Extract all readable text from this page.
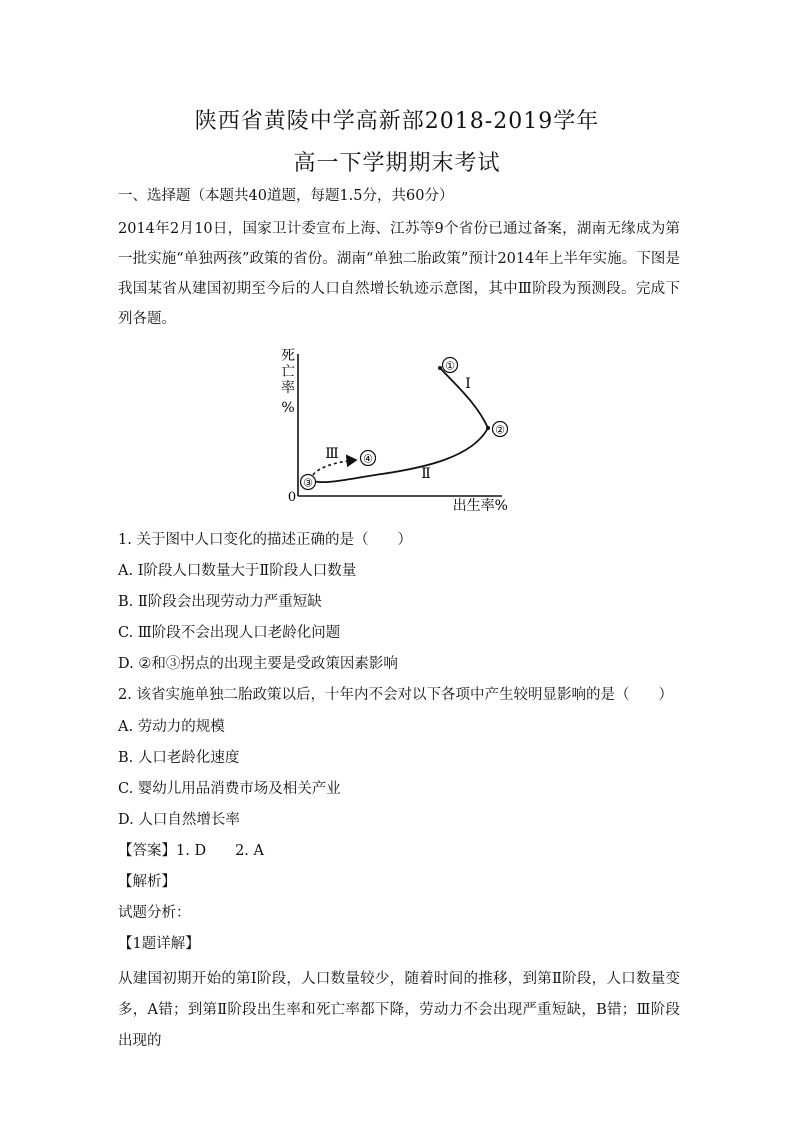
陕西省黄陵中学高新部2018-2019学年
高一下学期期末考试
一、选择题（本题共40道题，每题1.5分，共60分）

2014年2月10日，国家卫计委宣布上海、江苏等9个省份已通过备案，湖南无缘成为第一批实施“单独两孩”政策的省份。湖南“单独二胎政策”预计2014年上半年实施。下图是我国某省从建国初期至今后的人口自然增长轨迹示意图，其中Ⅲ阶段为预测段。完成下列各题。

死
亡
率
%
0
出生率%
①
②
③
④
Ⅰ
Ⅱ
Ⅲ
1. 关于图中人口变化的描述正确的是（　　）
A. Ⅰ阶段人口数量大于Ⅱ阶段人口数量
B. Ⅱ阶段会出现劳动力严重短缺
C. Ⅲ阶段不会出现人口老龄化问题
D. ②和③拐点的出现主要是受政策因素影响
2. 该省实施单独二胎政策以后，十年内不会对以下各项中产生较明显影响的是（　　）
A. 劳动力的规模
B. 人口老龄化速度
C. 婴幼儿用品消费市场及相关产业
D. 人口自然增长率
【答案】1. D　　2. A
【解析】
试题分析：
【1题详解】

从建国初期开始的第Ⅰ阶段，人口数量较少，随着时间的推移，到第Ⅱ阶段，人口数量变多，A错；到第Ⅱ阶段出生率和死亡率都下降，劳动力不会出现严重短缺，B错；Ⅲ阶段出现的
